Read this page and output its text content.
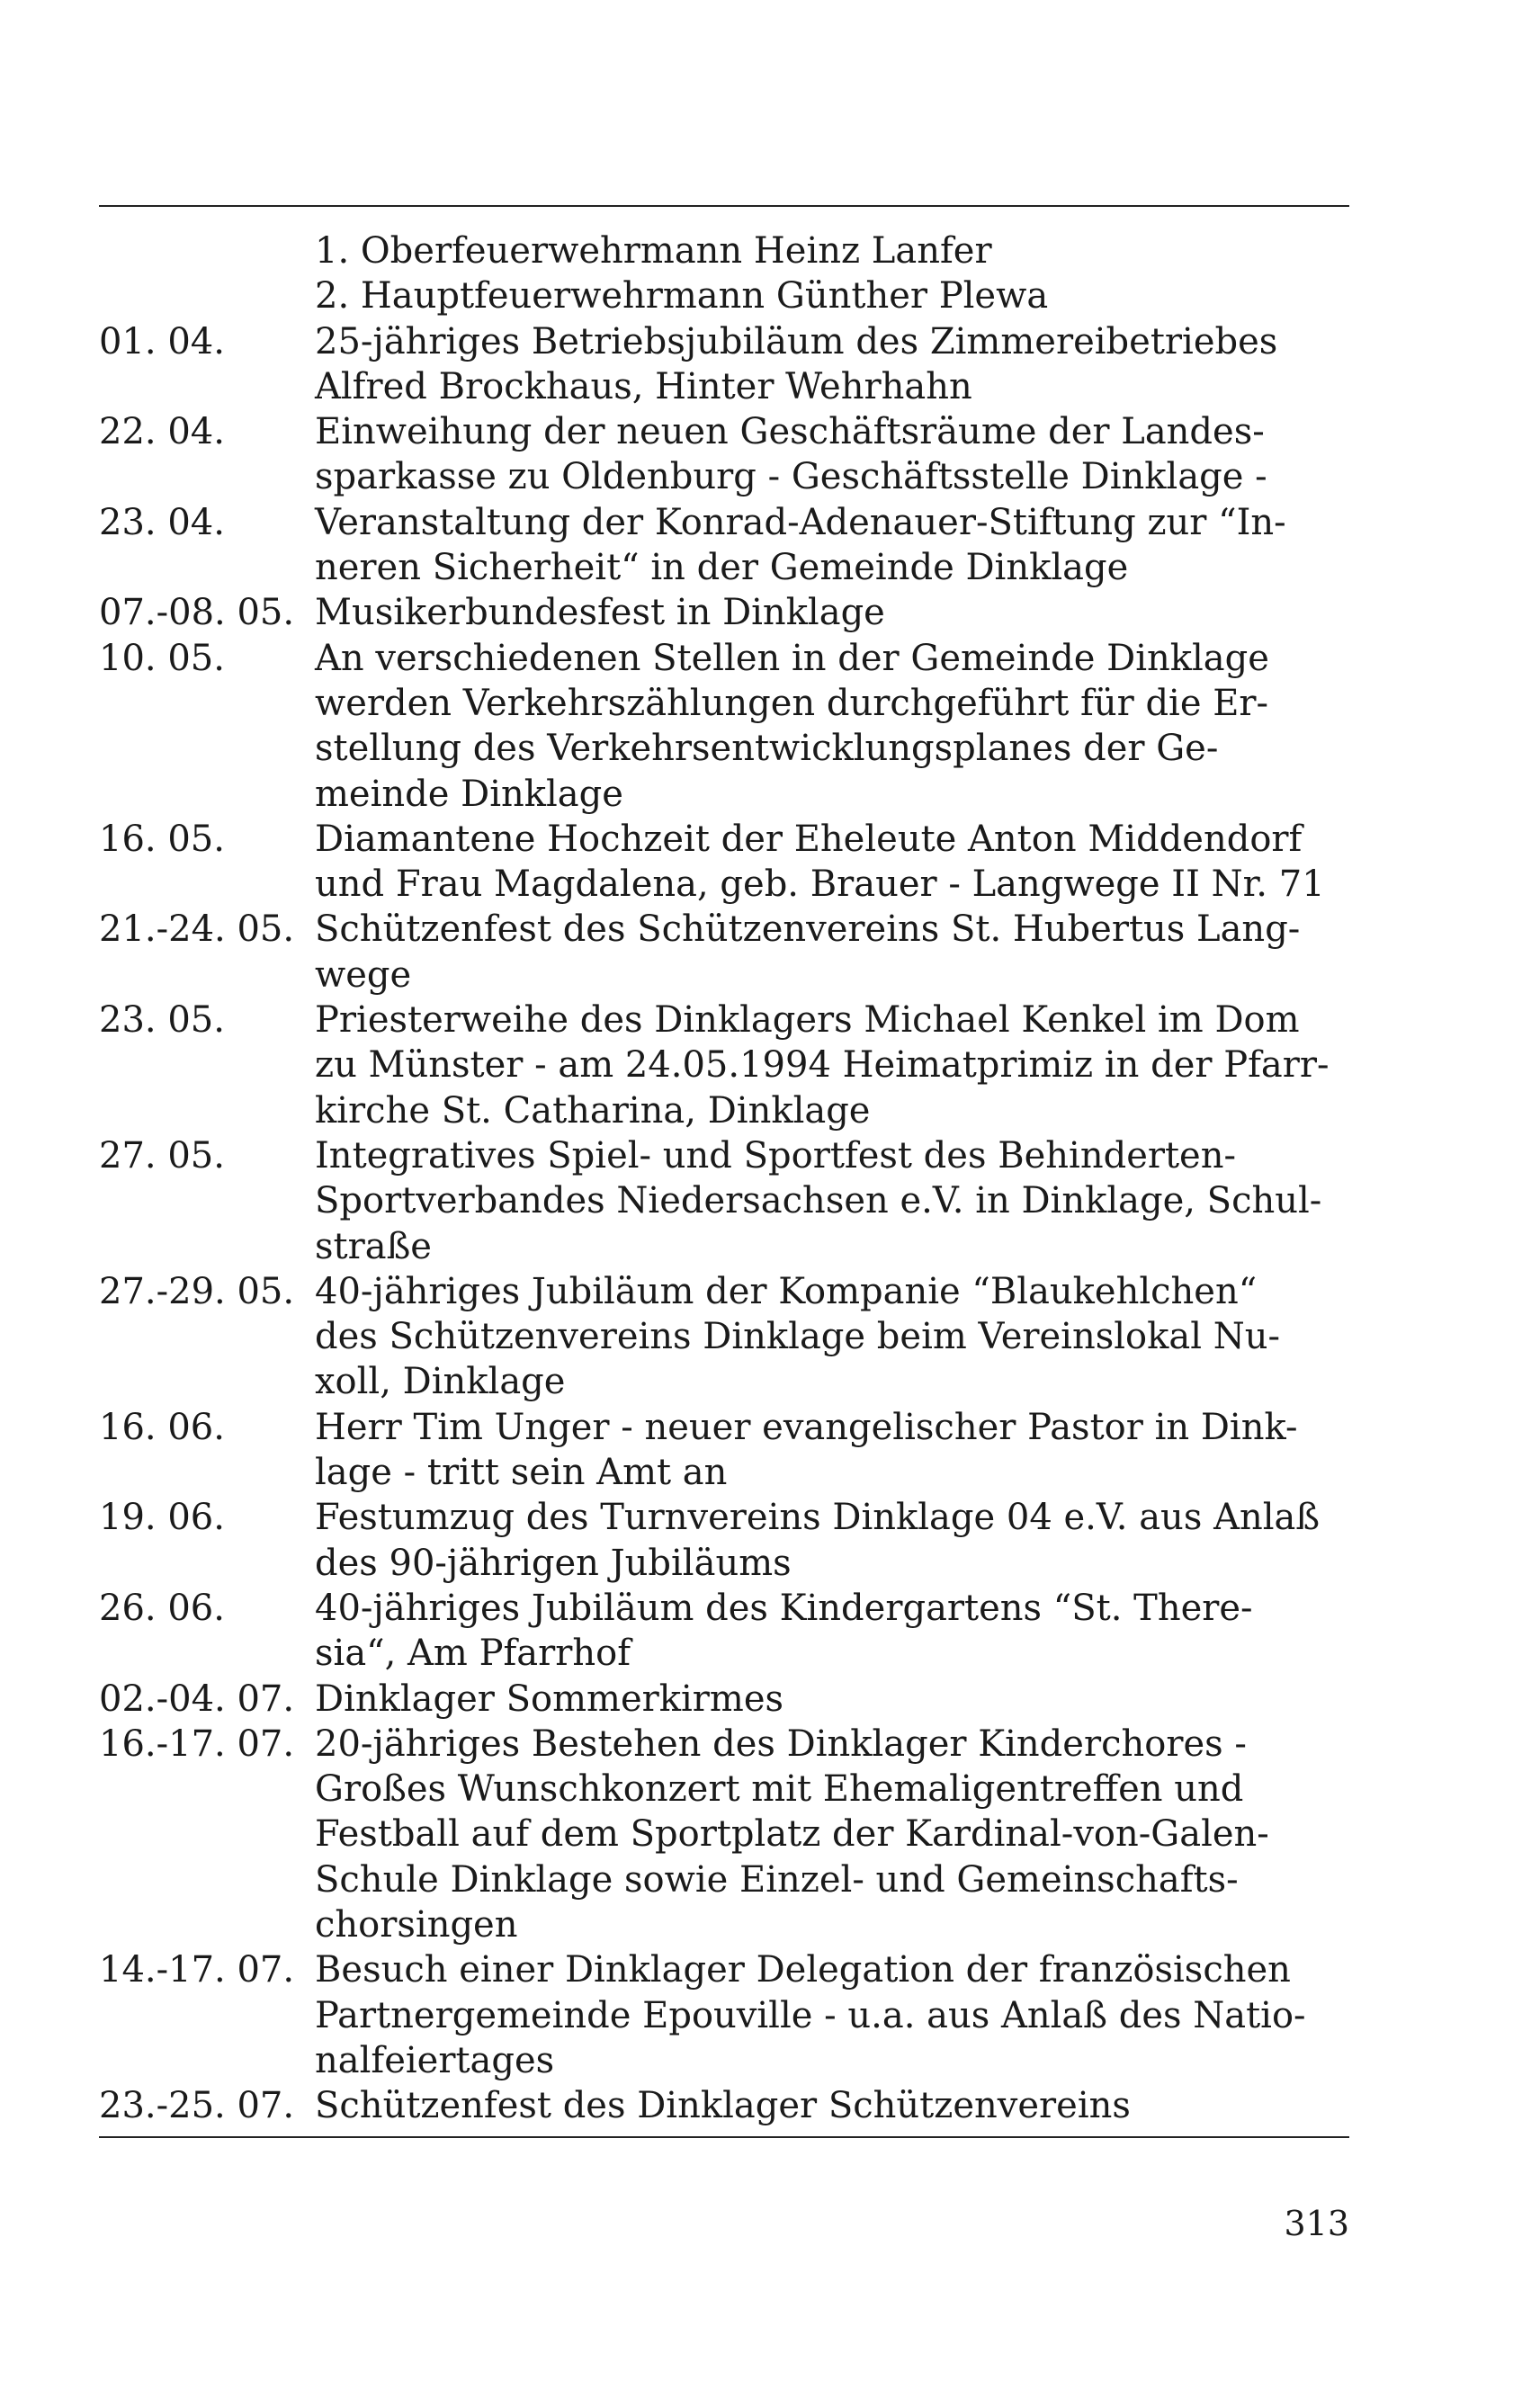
1. Oberfeuerwehrmann Heinz Lanfer
2. Hauptfeuerwehrmann Günther Plewa
01. 04.	25-jähriges Betriebsjubiläum des Zimmereibetriebes
Alfred Brockhaus, Hinter Wehrhahn
22. 04.	Einweihung der neuen Geschäftsräume der Landes-
sparkasse zu Oldenburg - Geschäftsstelle Dinklage -
23. 04.	Veranstaltung der Konrad-Adenauer-Stiftung zur “In-
neren Sicherheit“ in der Gemeinde Dinklage
07.-08. 05. Musikerbundesfest in Dinklage
10. 05.	An verschiedenen Stellen in der Gemeinde Dinklage
werden Verkehrszählungen durchgeführt für die Er-
stellung des Verkehrsentwicklungsplanes der Ge-
meinde Dinklage
16. 05.	Diamantene Hochzeit der Eheleute Anton Middendorf
und Frau Magdalena, geb. Brauer - Langwege II Nr. 71
21.-24. 05. Schützenfest des Schützenvereins St. Hubertus Lang-
wege
23. 05.	Priesterweihe des Dinklagers Michael Kenkel im Dom
zu Münster - am 24.05.1994 Heimatprimiz in der Pfarr-
kirche St. Catharina, Dinklage
27. 05.	Integratives Spiel- und Sportfest des Behinderten-
Sportverbandes Niedersachsen e.V. in Dinklage, Schul-
straße
27.-29. 05. 40-jähriges Jubiläum der Kompanie “Blaukehlchen“
des Schützenvereins Dinklage beim Vereinslokal Nu-
xoll, Dinklage
16. 06.	Herr Tim Unger - neuer evangelischer Pastor in Dink-
lage - tritt sein Amt an
19. 06.	Festumzug des Turnvereins Dinklage 04 e.V. aus Anlaß
des 90-jährigen Jubiläums
26. 06.	40-jähriges Jubiläum des Kindergartens “St. There-
sia“, Am Pfarrhof
02.-04. 07. Dinklager Sommerkirmes
16.-17. 07. 20-jähriges Bestehen des Dinklager Kinderchores -
Großes Wunschkonzert mit Ehemaligentreffen und
Festball auf dem Sportplatz der Kardinal-von-Galen-
Schule Dinklage sowie Einzel- und Gemeinschafts-
chorsingen
14.-17. 07. Besuch einer Dinklager Delegation der französischen
Partnergemeinde Epouville - u.a. aus Anlaß des Natio-
nalfeiertages
23.-25. 07. Schützenfest des Dinklager Schützenvereins
313
